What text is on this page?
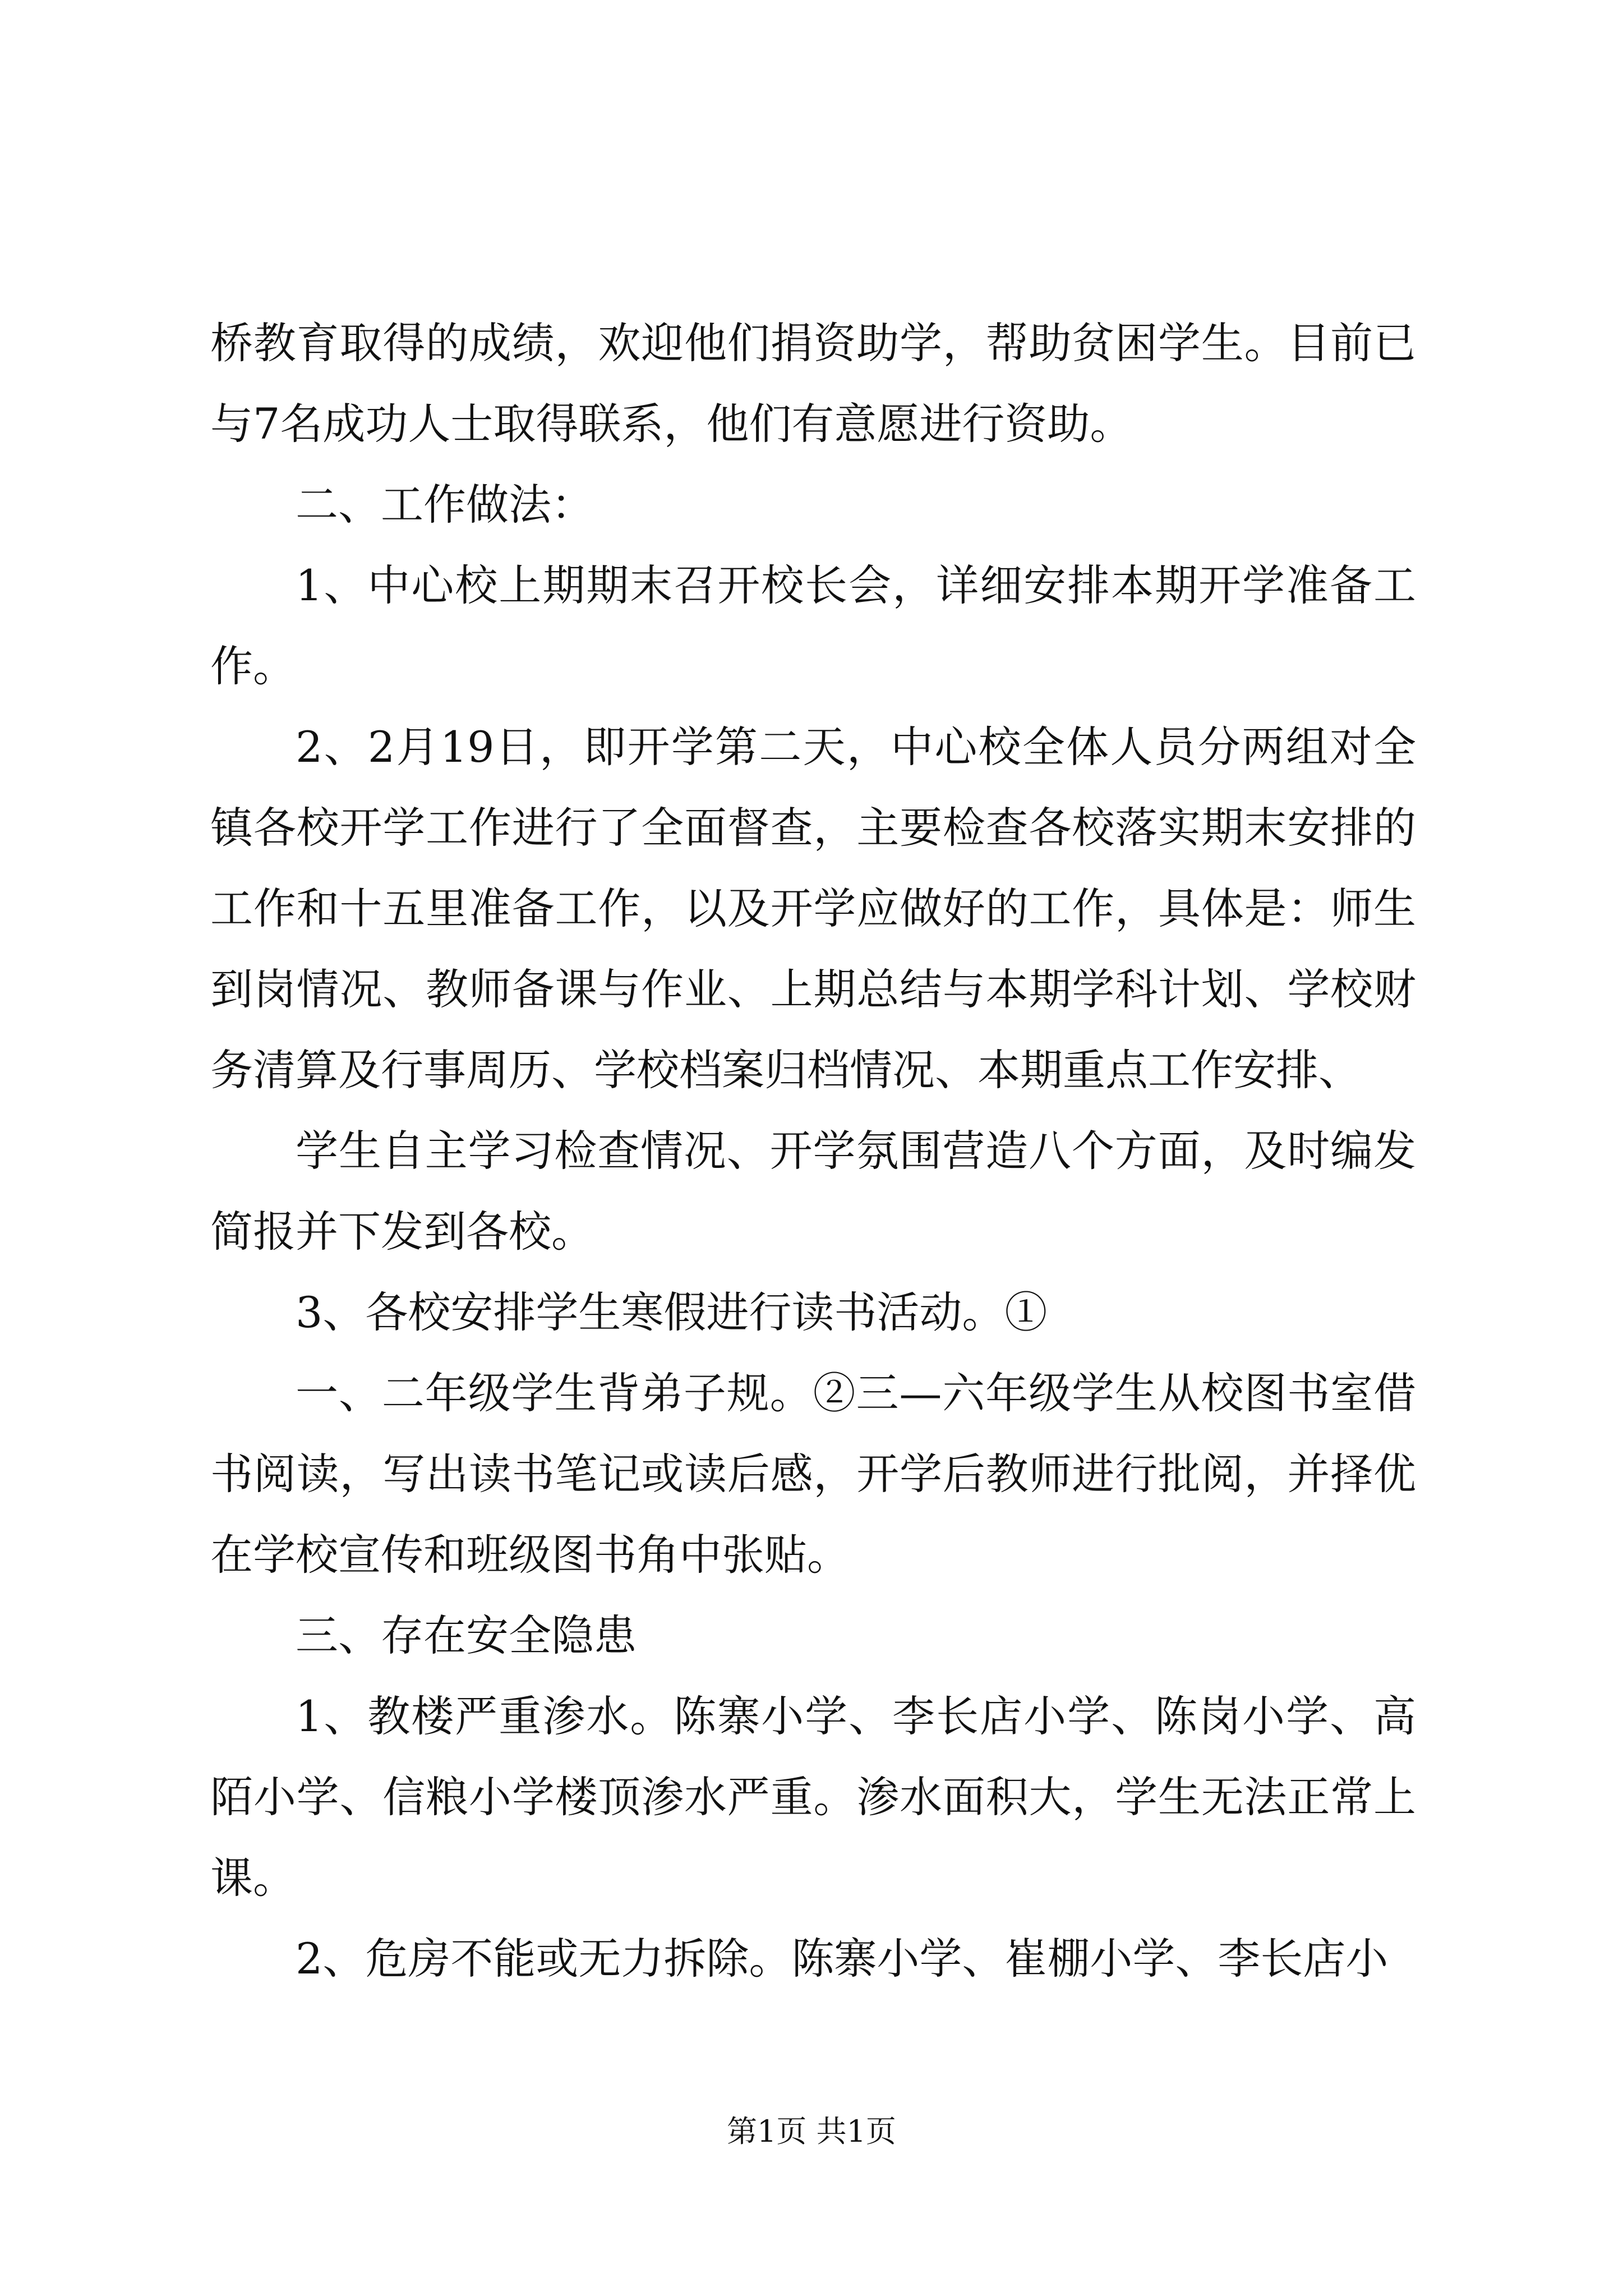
桥教育取得的成绩，欢迎他们捐资助学，帮助贫困学生。目前已与7名成功人士取得联系，他们有意愿进行资助。

二、工作做法：

1、中心校上期期末召开校长会，详细安排本期开学准备工作。

2、2月19日，即开学第二天，中心校全体人员分两组对全镇各校开学工作进行了全面督查，主要检查各校落实期末安排的工作和十五里准备工作，以及开学应做好的工作，具体是：师生到岗情况、教师备课与作业、上期总结与本期学科计划、学校财务清算及行事周历、学校档案归档情况、本期重点工作安排、

学生自主学习检查情况、开学氛围营造八个方面，及时编发简报并下发到各校。

3、各校安排学生寒假进行读书活动。①

一、二年级学生背弟子规。②三—六年级学生从校图书室借书阅读，写出读书笔记或读后感，开学后教师进行批阅，并择优在学校宣传和班级图书角中张贴。

三、存在安全隐患

1、教楼严重渗水。陈寨小学、李长店小学、陈岗小学、高陌小学、信粮小学楼顶渗水严重。渗水面积大，学生无法正常上课。

2、危房不能或无力拆除。陈寨小学、崔棚小学、李长店小

第1页 共1页
